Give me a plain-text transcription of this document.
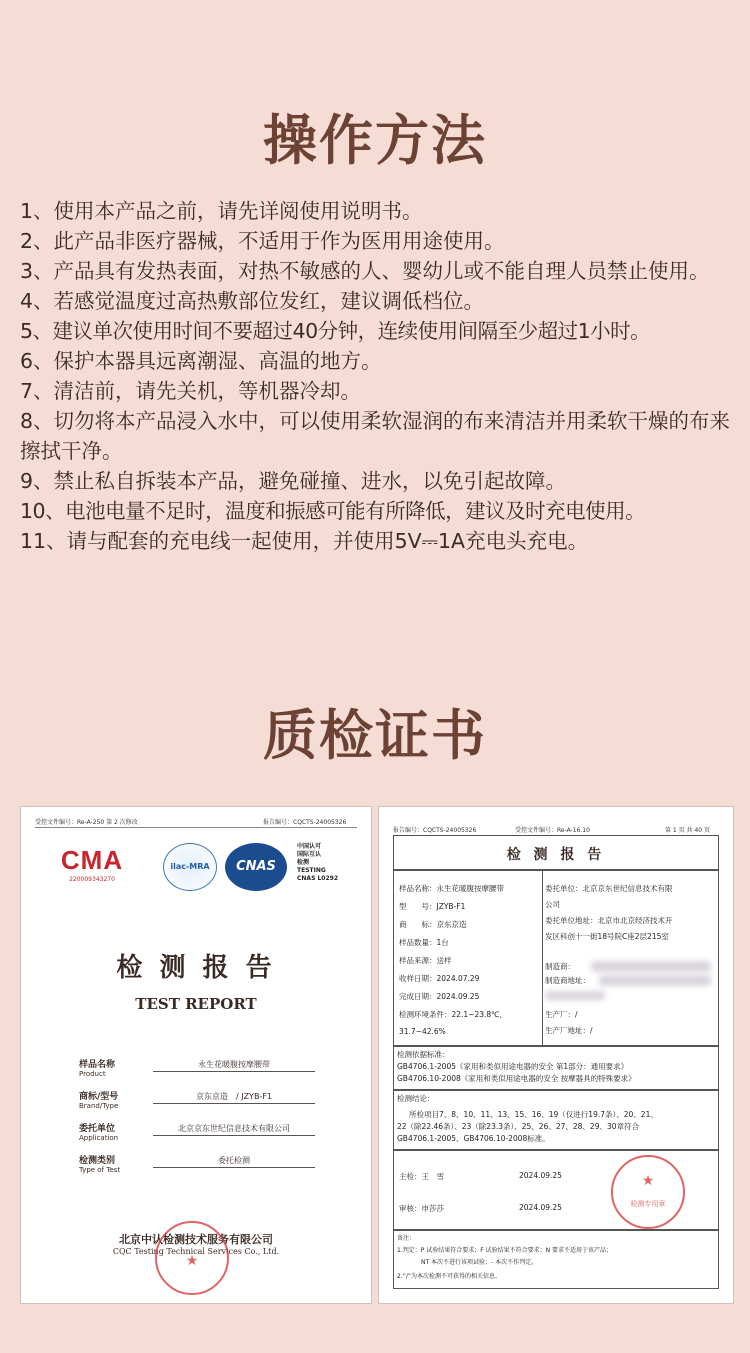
操作方法
1、使用本产品之前，请先详阅使用说明书。
2、此产品非医疗器械，不适用于作为医用用途使用。
3、产品具有发热表面，对热不敏感的人、婴幼儿或不能自理人员禁止使用。
4、若感觉温度过高热敷部位发红，建议调低档位。
5、建议单次使用时间不要超过40分钟，连续使用间隔至少超过1小时。
6、保护本器具远离潮湿、高温的地方。
7、清洁前，请先关机，等机器冷却。
8、切勿将本产品浸入水中，可以使用柔软湿润的布来清洁并用柔软干燥的布来擦拭干净。
9、禁止私自拆装本产品，避免碰撞、进水，以免引起故障。
10、电池电量不足时，温度和振感可能有所降低，建议及时充电使用。
11、请与配套的充电线一起使用，并使用5V⎓1A充电头充电。
质检证书
受控文件编号：Re-A-250 第 2 次修改	报告编号：CQCTS-24005326
CMA
220009343270
ilac-MRA	CNAS
中国认可
国际互认
检测
TESTING
CNAS L0292
检 测 报 告
TEST REPORT
样品名称
Product
永生花暖腹按摩腰带
商标/型号
Brand/Type
京东京造　/ JZYB-F1
委托单位
Application
北京京东世纪信息技术有限公司
检测类别
Type of Test
委托检测
北京中认检测技术服务有限公司
CQC Testing Technical Services Co., Ltd.
★
报告编号：CQCTS-24005326	受控文件编号：Re-A-16.10	第 1 页 共 40 页
检 测 报 告
样品名称：永生花暖腹按摩腰带
型　　号：JZYB-F1
商　　标：京东京造
样品数量：1台
样品来源：送样
收样日期：2024.07.29
完成日期：2024.09.25
检测环境条件：22.1~23.8℃，
31.7~42.6%
委托单位：北京京东世纪信息技术有限
公司
委托单位地址：北京市北京经济技术开
发区科创十一街18号院C座2层215室
制造商：
制造商地址：
生产厂：/
生产厂地址：/
检测依据标准：
GB4706.1-2005《家用和类似用途电器的安全 第1部分：通用要求》
GB4706.10-2008《家用和类似用途电器的安全 按摩器具的特殊要求》
检测结论：
所检项目7、8、10、11、13、15、16、19（仅进行19.7条）、20、21、
22（除22.46条）、23（除23.3条）、25、26、27、28、29、30章符合
GB4706.1-2005、GB4706.10-2008标准。
主检：王　雪	2024.09.25
审核：申莎莎	2024.09.25
★
检测专用章
备注：
1.判定：P 试验结果符合要求；F 试验结果不符合要求；N 要求不适用于该产品；
　　　　NT 本次不进行该项试验；- 本次不作判定。
2.“/”为本次检测不可获得的相关信息。
